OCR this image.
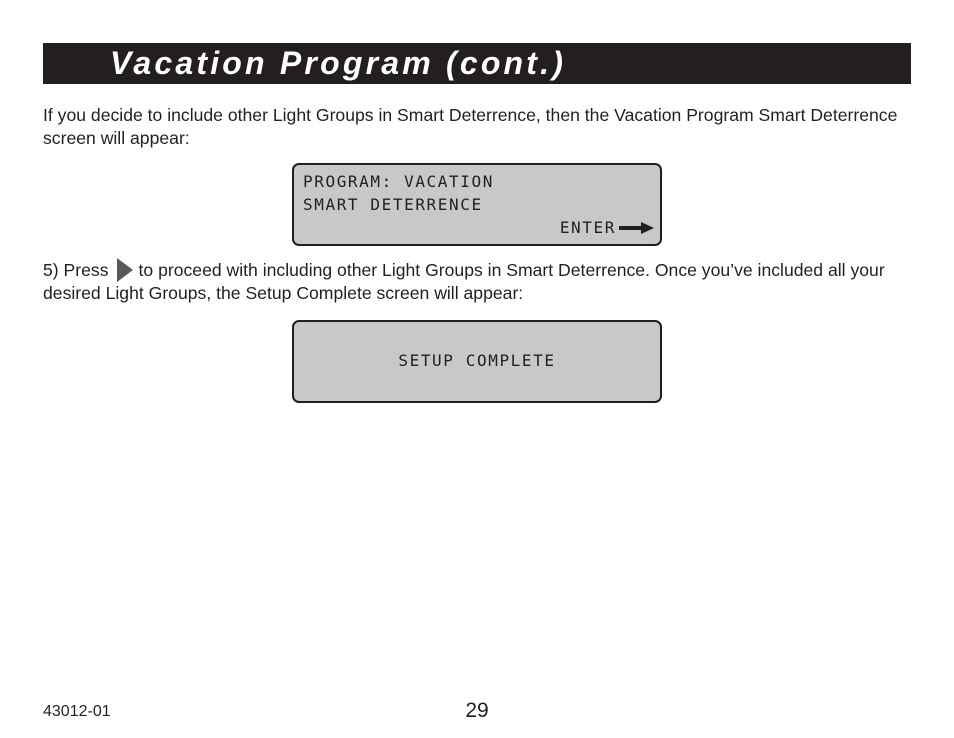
Vacation Program (cont.)

If you decide to include other Light Groups in Smart Deterrence, then the Vacation Program Smart Deterrence screen will appear:

PROGRAM: VACATION
SMART DETERRENCE
ENTER

5) Press to proceed with including other Light Groups in Smart Deterrence. Once you’ve included all your desired Light Groups, the Setup Complete screen will appear:

SETUP COMPLETE
43012-01	29
